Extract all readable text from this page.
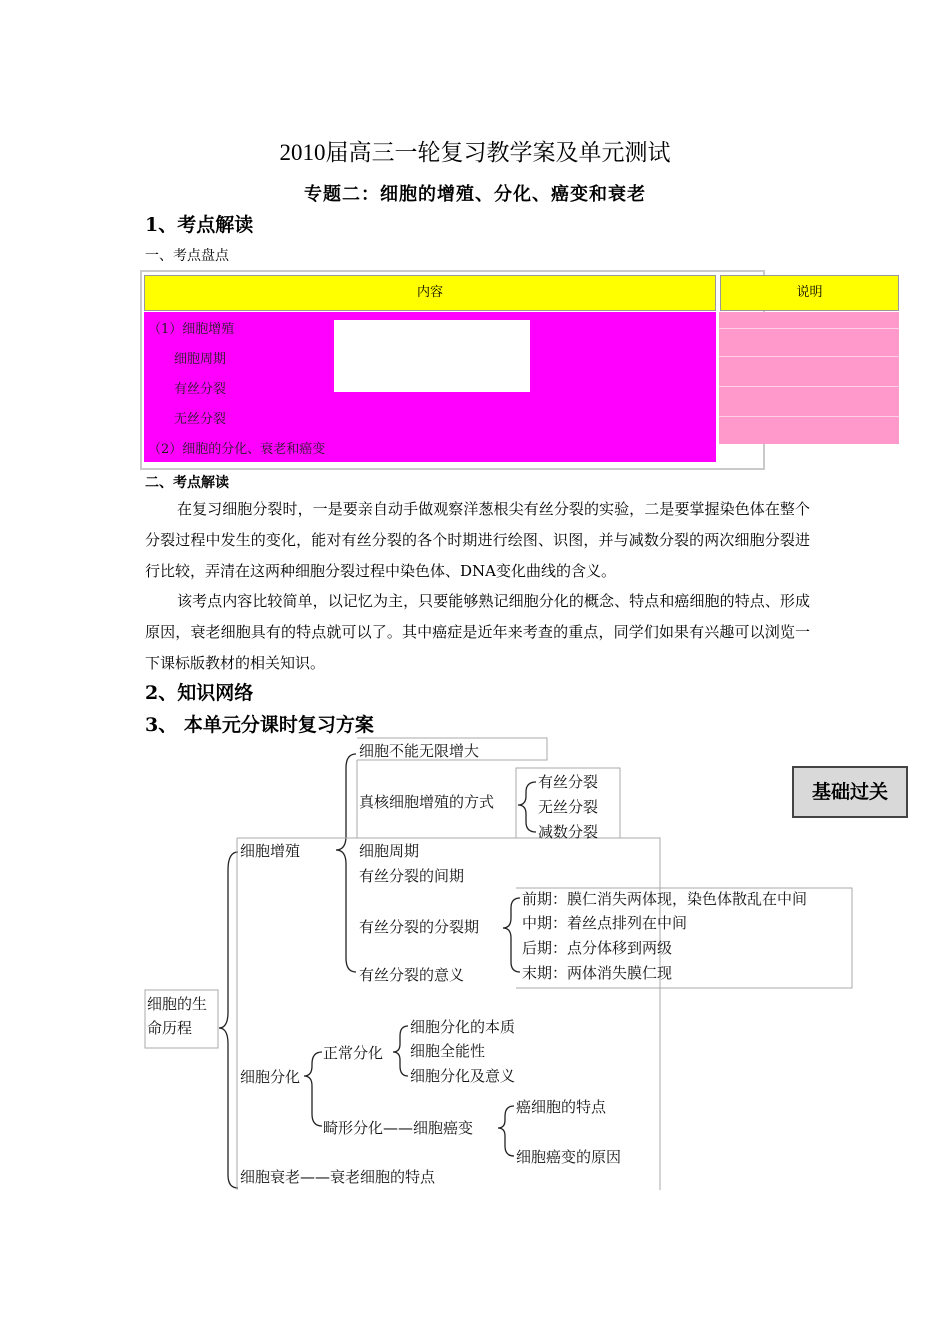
2010届高三一轮复习教学案及单元测试
专题二：细胞的增殖、分化、癌变和衰老
1、考点解读
一、考点盘点
内容	说明
（1）细胞增殖
细胞周期
有丝分裂
无丝分裂
（2）细胞的分化、衰老和癌变
二、考点解读
在复习细胞分裂时，一是要亲自动手做观察洋葱根尖有丝分裂的实验，二是要掌握染色体在整个分裂过程中发生的变化，能对有丝分裂的各个时期进行绘图、识图，并与减数分裂的两次细胞分裂进行比较，弄清在这两种细胞分裂过程中染色体、DNA变化曲线的含义。
该考点内容比较简单，以记忆为主，只要能够熟记细胞分化的概念、特点和癌细胞的特点、形成原因，衰老细胞具有的特点就可以了。其中癌症是近年来考查的重点，同学们如果有兴趣可以浏览一下课标版教材的相关知识。
2、知识网络
3、 本单元分课时复习方案
基础过关
细胞的生
命历程
细胞增殖
细胞不能无限增大
真核细胞增殖的方式
有丝分裂
无丝分裂
减数分裂
细胞周期
有丝分裂的间期
有丝分裂的分裂期
前期：膜仁消失两体现，染色体散乱在中间
中期：着丝点排列在中间
后期：点分体移到两级
末期：两体消失膜仁现
有丝分裂的意义
细胞分化
正常分化
细胞分化的本质
细胞全能性
细胞分化及意义
畸形分化——细胞癌变
癌细胞的特点
细胞癌变的原因
细胞衰老——衰老细胞的特点
